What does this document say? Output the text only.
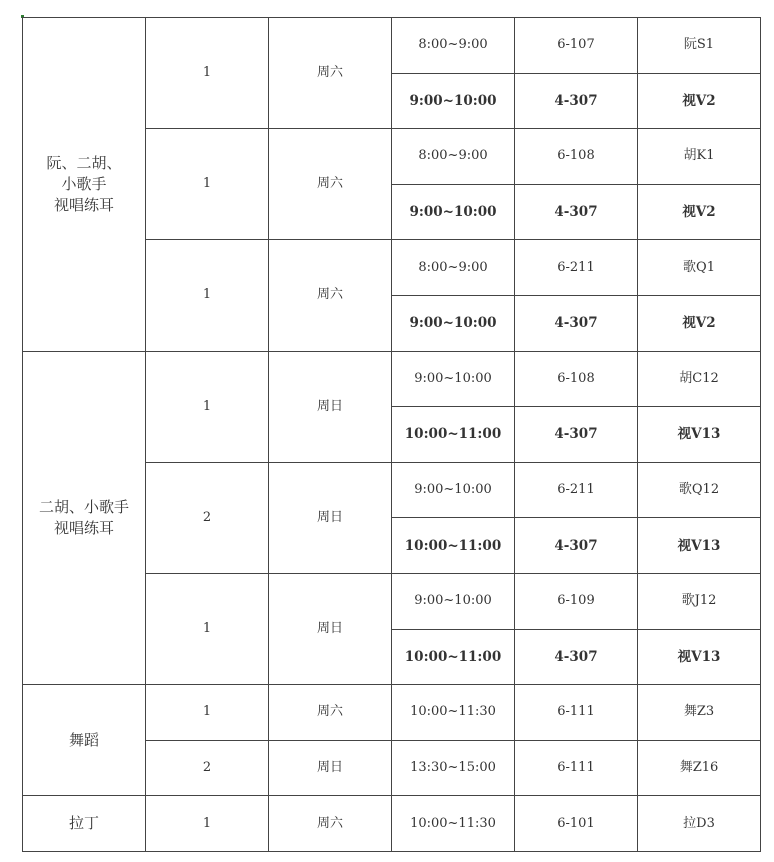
阮、二胡、
小歌手
视唱练耳	1	周六	8:00~9:00	6-107	阮S1
			9:00~10:00	4-307	视V2
	1	周六	8:00~9:00	6-108	胡K1
			9:00~10:00	4-307	视V2
	1	周六	8:00~9:00	6-211	歌Q1
			9:00~10:00	4-307	视V2
二胡、小歌手
视唱练耳	1	周日	9:00~10:00	6-108	胡C12
			10:00~11:00	4-307	视V13
	2	周日	9:00~10:00	6-211	歌Q12
			10:00~11:00	4-307	视V13
	1	周日	9:00~10:00	6-109	歌J12
			10:00~11:00	4-307	视V13
舞蹈	1	周六	10:00~11:30	6-111	舞Z3
	2	周日	13:30~15:00	6-111	舞Z16
拉丁	1	周六	10:00~11:30	6-101	拉D3
